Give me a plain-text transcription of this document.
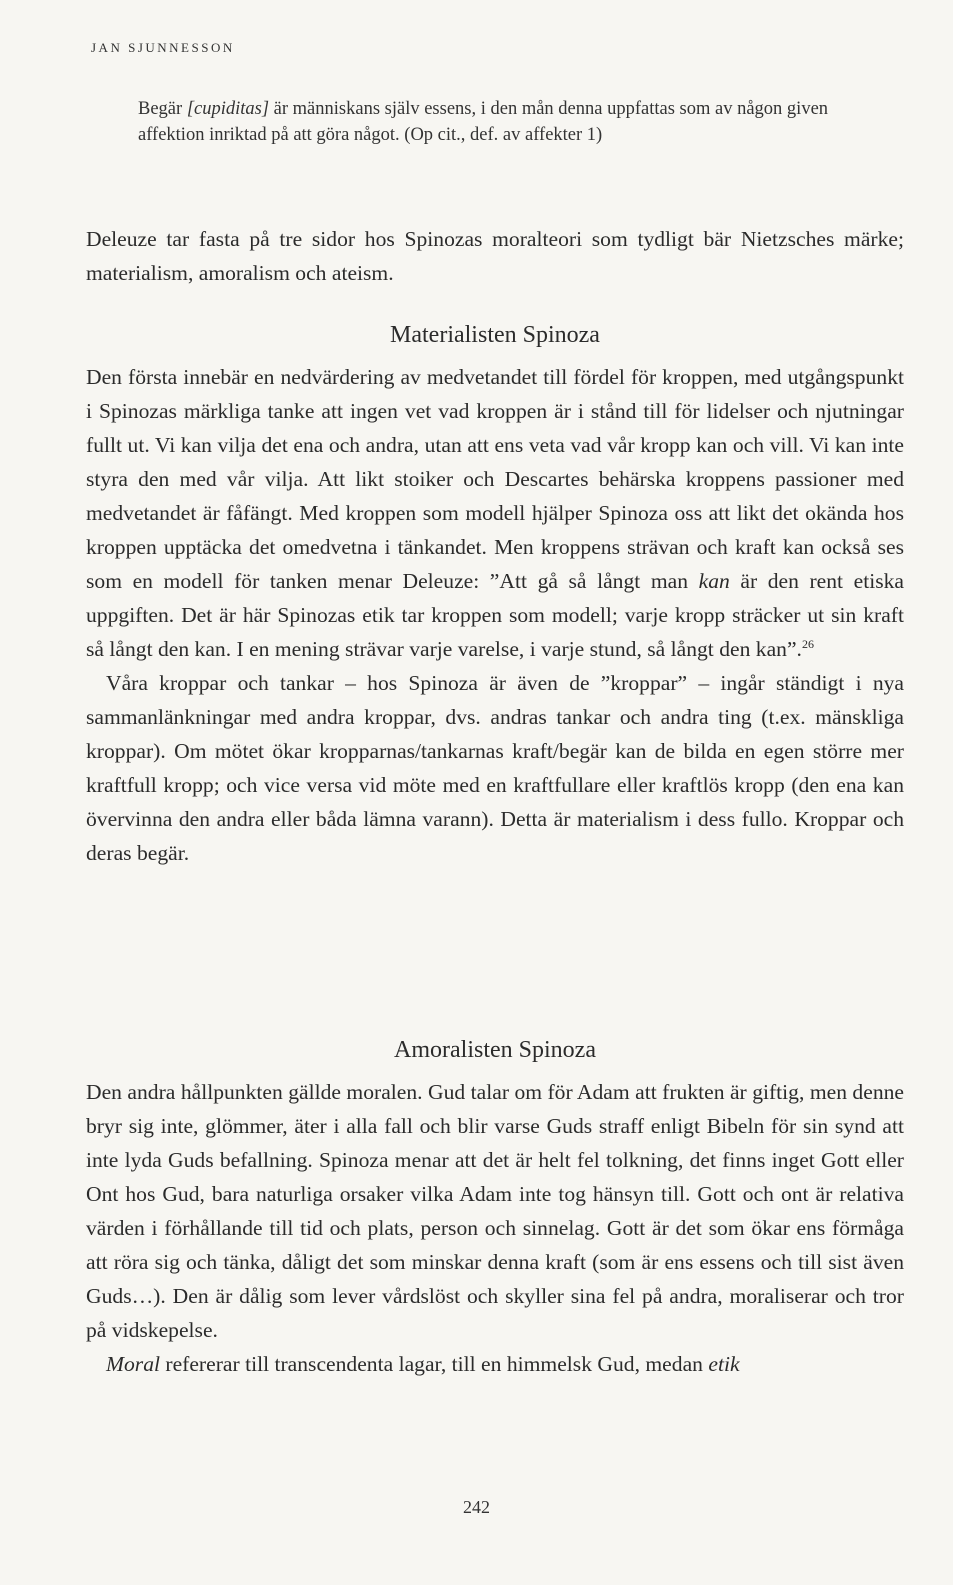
JAN SJUNNESSON
Begär [cupiditas] är människans själv essens, i den mån denna uppfattas som av någon given affektion inriktad på att göra något. (Op cit., def. av affekter 1)

Deleuze tar fasta på tre sidor hos Spinozas moralteori som tydligt bär Nietzsches märke; materialism, amoralism och ateism.

Materialisten Spinoza

Den första innebär en nedvärdering av medvetandet till fördel för kroppen, med utgångspunkt i Spinozas märkliga tanke att ingen vet vad kroppen är i stånd till för lidelser och njutningar fullt ut. Vi kan vilja det ena och andra, utan att ens veta vad vår kropp kan och vill. Vi kan inte styra den med vår vilja. Att likt stoiker och Descartes behärska kroppens passioner med medvetandet är fåfängt. Med kroppen som modell hjälper Spinoza oss att likt det okända hos kroppen upptäcka det omedvetna i tänkandet. Men kroppens strävan och kraft kan också ses som en modell för tanken menar Deleuze: ”Att gå så långt man kan är den rent etiska uppgiften. Det är här Spinozas etik tar kroppen som modell; varje kropp sträcker ut sin kraft så långt den kan. I en mening strävar varje varelse, i varje stund, så långt den kan”.$^{26}$

Våra kroppar och tankar – hos Spinoza är även de ”kroppar” – ingår ständigt i nya sammanlänkningar med andra kroppar, dvs. andras tankar och andra ting (t.ex. mänskliga kroppar). Om mötet ökar kropparnas/tankarnas kraft/begär kan de bilda en egen större mer kraftfull kropp; och vice versa vid möte med en kraftfullare eller kraftlös kropp (den ena kan övervinna den andra eller båda lämna varann). Detta är materialism i dess fullo. Kroppar och deras begär.

Amoralisten Spinoza

Den andra hållpunkten gällde moralen. Gud talar om för Adam att frukten är giftig, men denne bryr sig inte, glömmer, äter i alla fall och blir varse Guds straff enligt Bibeln för sin synd att inte lyda Guds befallning. Spinoza menar att det är helt fel tolkning, det finns inget Gott eller Ont hos Gud, bara naturliga orsaker vilka Adam inte tog hänsyn till. Gott och ont är relativa värden i förhållande till tid och plats, person och sinnelag. Gott är det som ökar ens förmåga att röra sig och tänka, dåligt det som minskar denna kraft (som är ens essens och till sist även Guds…). Den är dålig som lever vårdslöst och skyller sina fel på andra, moraliserar och tror på vidskepelse.

Moral refererar till transcendenta lagar, till en himmelsk Gud, medan etik

242
